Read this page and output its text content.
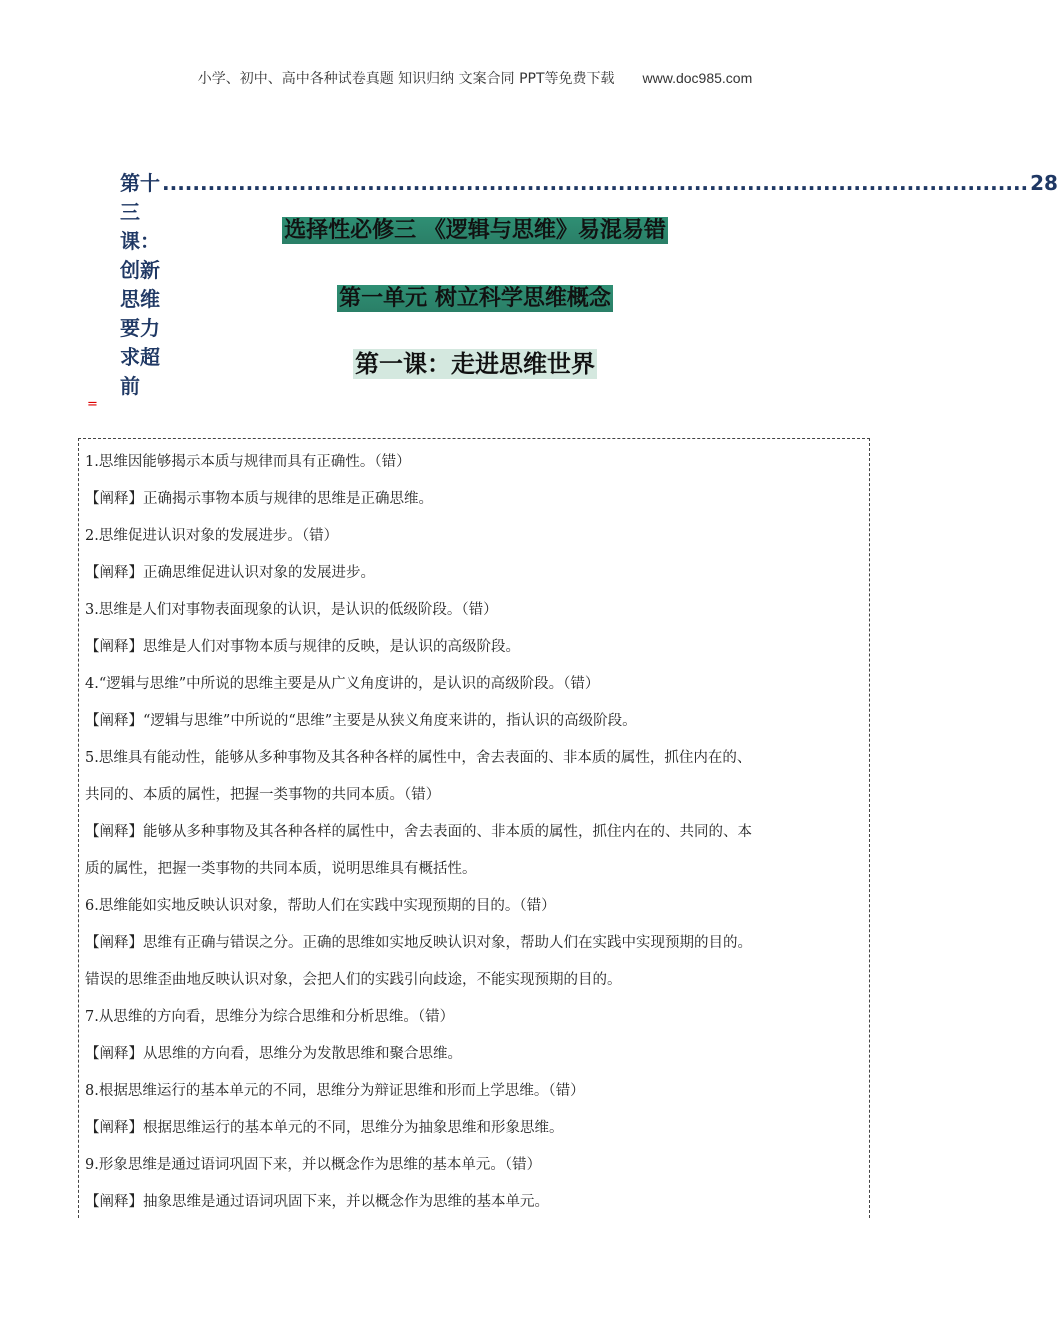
小学、初中、高中各种试卷真题 知识归纳 文案合同 PPT等免费下载 www.doc985.com
第十三课：创新思维要力求超前
.................................................................................................................. 28
选择性必修三 《逻辑与思维》易混易错
第一单元 树立科学思维概念
第一课：走进思维世界
=
1.思维因能够揭示本质与规律而具有正确性。（错）
【阐释】正确揭示事物本质与规律的思维是正确思维。
2.思维促进认识对象的发展进步。（错）
【阐释】正确思维促进认识对象的发展进步。
3.思维是人们对事物表面现象的认识，是认识的低级阶段。（错）
【阐释】思维是人们对事物本质与规律的反映，是认识的高级阶段。
4.“逻辑与思维”中所说的思维主要是从广义角度讲的，是认识的高级阶段。（错）
【阐释】“逻辑与思维”中所说的“思维”主要是从狭义角度来讲的，指认识的高级阶段。
5.思维具有能动性，能够从多种事物及其各种各样的属性中，舍去表面的、非本质的属性，抓住内在的、
共同的、本质的属性，把握一类事物的共同本质。（错）
【阐释】能够从多种事物及其各种各样的属性中，舍去表面的、非本质的属性，抓住内在的、共同的、本
质的属性，把握一类事物的共同本质，说明思维具有概括性。
6.思维能如实地反映认识对象，帮助人们在实践中实现预期的目的。（错）
【阐释】思维有正确与错误之分。正确的思维如实地反映认识对象，帮助人们在实践中实现预期的目的。
错误的思维歪曲地反映认识对象，会把人们的实践引向歧途，不能实现预期的目的。
7.从思维的方向看，思维分为综合思维和分析思维。（错）
【阐释】从思维的方向看，思维分为发散思维和聚合思维。
8.根据思维运行的基本单元的不同，思维分为辩证思维和形而上学思维。（错）
【阐释】根据思维运行的基本单元的不同，思维分为抽象思维和形象思维。
9.形象思维是通过语词巩固下来，并以概念作为思维的基本单元。（错）
【阐释】抽象思维是通过语词巩固下来，并以概念作为思维的基本单元。
